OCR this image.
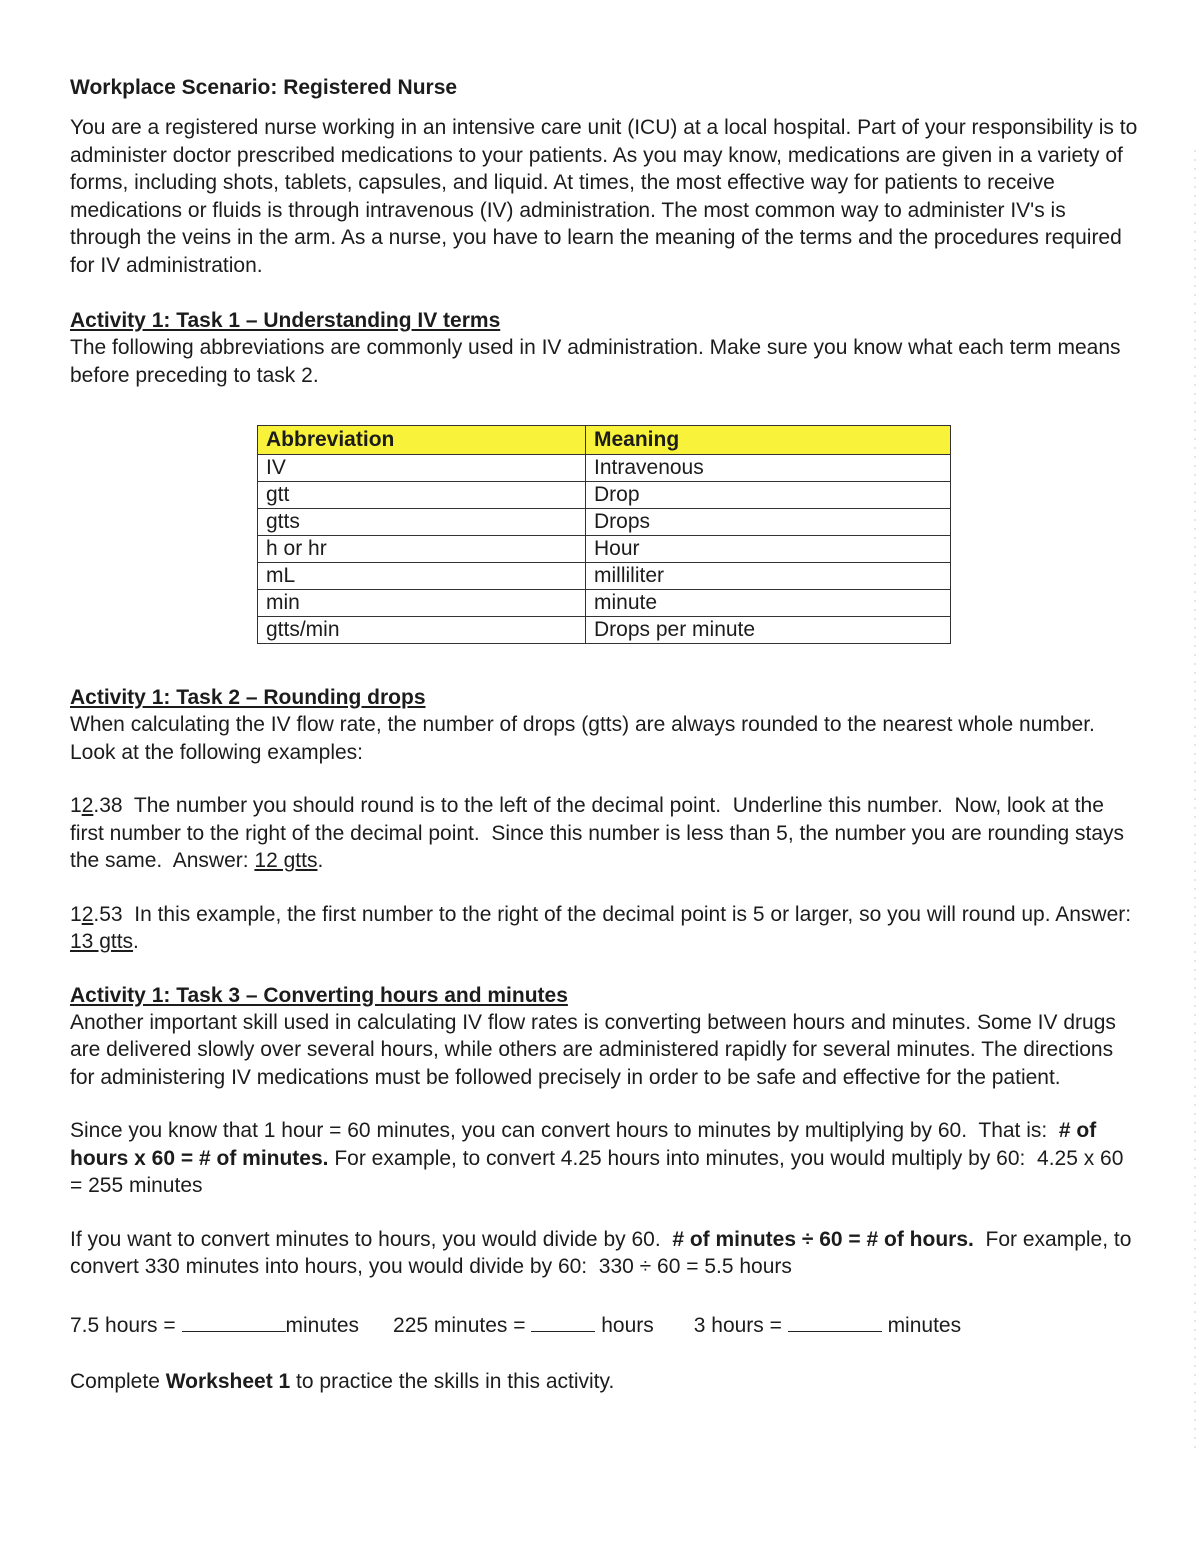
Workplace Scenario: Registered Nurse

You are a registered nurse working in an intensive care unit (ICU) at a local hospital. Part of your responsibility is to administer doctor prescribed medications to your patients. As you may know, medications are given in a variety of forms, including shots, tablets, capsules, and liquid. At times, the most effective way for patients to receive medications or fluids is through intravenous (IV) administration. The most common way to administer IV's is through the veins in the arm. As a nurse, you have to learn the meaning of the terms and the procedures required for IV administration.

Activity 1: Task 1 – Understanding IV terms

The following abbreviations are commonly used in IV administration. Make sure you know what each term means before preceding to task 2.

Abbreviation	Meaning
IV	Intravenous
gtt	Drop
gtts	Drops
h or hr	Hour
mL	milliliter
min	minute
gtts/min	Drops per minute
Activity 1: Task 2 – Rounding drops

When calculating the IV flow rate, the number of drops (gtts) are always rounded to the nearest whole number. Look at the following examples:

12.38  The number you should round is to the left of the decimal point.  Underline this number.  Now, look at the first number to the right of the decimal point.  Since this number is less than 5, the number you are rounding stays the same.  Answer: 12 gtts.

12.53  In this example, the first number to the right of the decimal point is 5 or larger, so you will round up. Answer: 13 gtts.

Activity 1: Task 3 – Converting hours and minutes

Another important skill used in calculating IV flow rates is converting between hours and minutes. Some IV drugs are delivered slowly over several hours, while others are administered rapidly for several minutes. The directions for administering IV medications must be followed precisely in order to be safe and effective for the patient.

Since you know that 1 hour = 60 minutes, you can convert hours to minutes by multiplying by 60.  That is:  # of hours x 60 = # of minutes. For example, to convert 4.25 hours into minutes, you would multiply by 60:  4.25 x 60 = 255 minutes

If you want to convert minutes to hours, you would divide by 60.  # of minutes ÷ 60 = # of hours.  For example, to convert 330 minutes into hours, you would divide by 60:  330 ÷ 60 = 5.5 hours

7.5 hours =	minutes 225 minutes =	hours 3 hours =	minutes

Complete Worksheet 1 to practice the skills in this activity.
